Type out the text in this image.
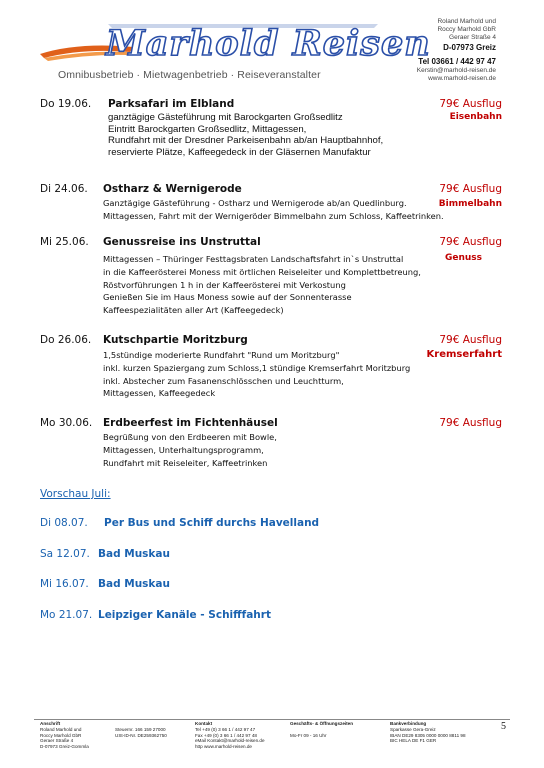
Marhold Reisen
Omnibusbetrieb · Mietwagenbetrieb · Reiseveranstalter
Roland Marhold und
Roccy Marhold GbR
Geraer Straße 4
D-07973 Greiz
Tel 03661 / 442 97 47
Kerstin@marhold-reisen.de
www.marhold-reisen.de
Do 19.06. Parksafari im Elbland	79€ Ausflug
Eisenbahn
ganztägige Gästeführung mit Barockgarten Großsedlitz
Eintritt Barockgarten Großsedlitz, Mittagessen,
Rundfahrt mit der Dresdner Parkeisenbahn ab/an Hauptbahnhof,
reservierte Plätze, Kaffeegedeck in der Gläsernen Manufaktur
Di 24.06. Ostharz & Wernigerode	79€ Ausflug
Bimmelbahn
Ganztägige Gästeführung - Ostharz und Wernigerode ab/an Quedlinburg.
Mittagessen, Fahrt mit der Wernigeröder Bimmelbahn zum Schloss, Kaffeetrinken.
Mi 25.06. Genussreise ins Unstruttal	79€ Ausflug
Genuss
Mittagessen – Thüringer Festtagsbraten Landschaftsfahrt in`s Unstruttal
in die Kaffeerösterei Moness mit örtlichen Reiseleiter und Komplettbetreung,
Röstvorführungen 1 h in der Kaffeerösterei mit Verkostung
Genießen Sie im Haus Moness sowie auf der Sonnenterasse
Kaffeespezialitäten aller Art (Kaffeegedeck)
Do 26.06. Kutschpartie Moritzburg	79€ Ausflug
Kremserfahrt
1,5stündige moderierte Rundfahrt "Rund um Moritzburg"
inkl. kurzen Spaziergang zum Schloss,1 stündige Kremserfahrt Moritzburg
inkl. Abstecher zum Fasanenschlösschen und Leuchtturm,
Mittagessen, Kaffeegedeck
Mo 30.06. Erdbeerfest im Fichtenhäusel	79€ Ausflug
Begrüßung von den Erdbeeren mit Bowle,
Mittagessen, Unterhaltungsprogramm,
Rundfahrt mit Reiseleiter, Kaffeetrinken
Vorschau Juli:
Di 08.07. Per Bus und Schiff durchs Havelland
Sa 12.07. Bad Muskau
Mi 16.07. Bad Muskau
Mo 21.07. Leipziger Kanäle - Schifffahrt
5
Anschrift
Roland Marhold und
Roccy Marhold GbR
Geraer Straße 4
D-07973 Greiz-Gommla
Steuernr. 166 159 27000
USt-ID-Nr. DE259362750
Kontakt
Tel +49 (0) 3 66 1 / 442 97 47
Fax +49 (0) 3 66 1 / 442 97 48
eMail Kontakt@marhold-reisen.de
http www.marhold-reisen.de
Geschäfts- & Öffnungszeiten
Mo-Fr 09 - 16 Uhr
Bankverbindung
Sparkasse Gera-Greiz
IBAN DE29 8305 0000 0000 8811 98
BIC HELA DE F1 GER
